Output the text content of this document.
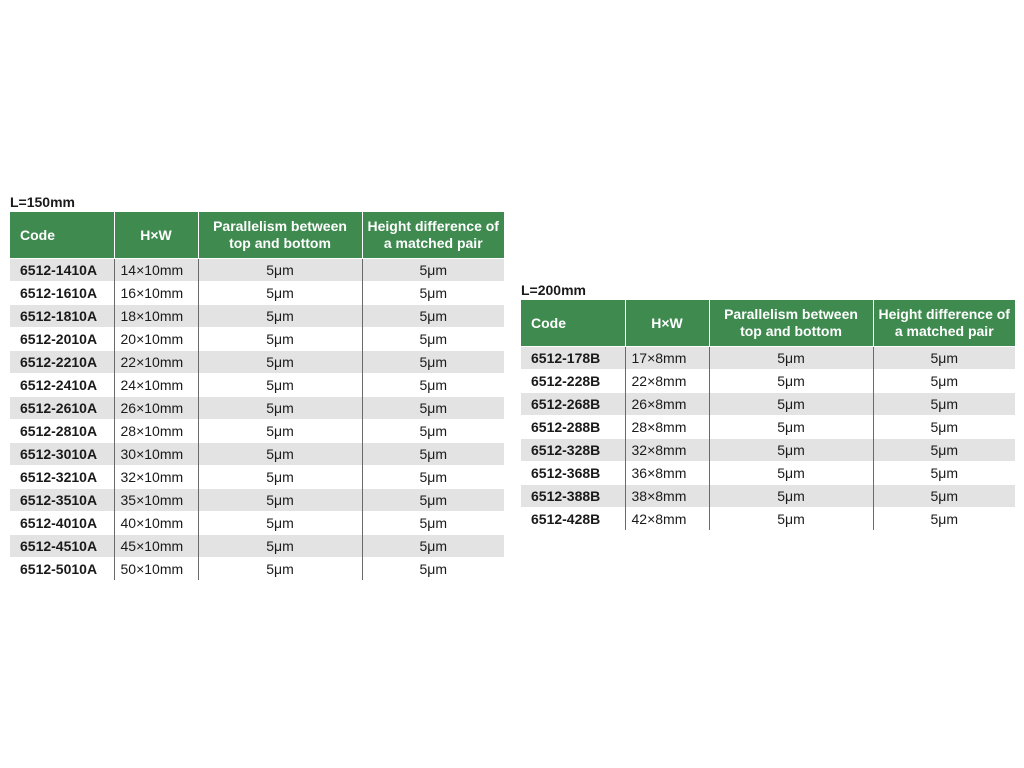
L=150mm
Code	H×W	Parallelism between top and bottom	Height difference of a matched pair
6512-1410A	14×10mm	5μm	5μm
6512-1610A	16×10mm	5μm	5μm
6512-1810A	18×10mm	5μm	5μm
6512-2010A	20×10mm	5μm	5μm
6512-2210A	22×10mm	5μm	5μm
6512-2410A	24×10mm	5μm	5μm
6512-2610A	26×10mm	5μm	5μm
6512-2810A	28×10mm	5μm	5μm
6512-3010A	30×10mm	5μm	5μm
6512-3210A	32×10mm	5μm	5μm
6512-3510A	35×10mm	5μm	5μm
6512-4010A	40×10mm	5μm	5μm
6512-4510A	45×10mm	5μm	5μm
6512-5010A	50×10mm	5μm	5μm
L=200mm
Code	H×W	Parallelism between top and bottom	Height difference of a matched pair
6512-178B	17×8mm	5μm	5μm
6512-228B	22×8mm	5μm	5μm
6512-268B	26×8mm	5μm	5μm
6512-288B	28×8mm	5μm	5μm
6512-328B	32×8mm	5μm	5μm
6512-368B	36×8mm	5μm	5μm
6512-388B	38×8mm	5μm	5μm
6512-428B	42×8mm	5μm	5μm
